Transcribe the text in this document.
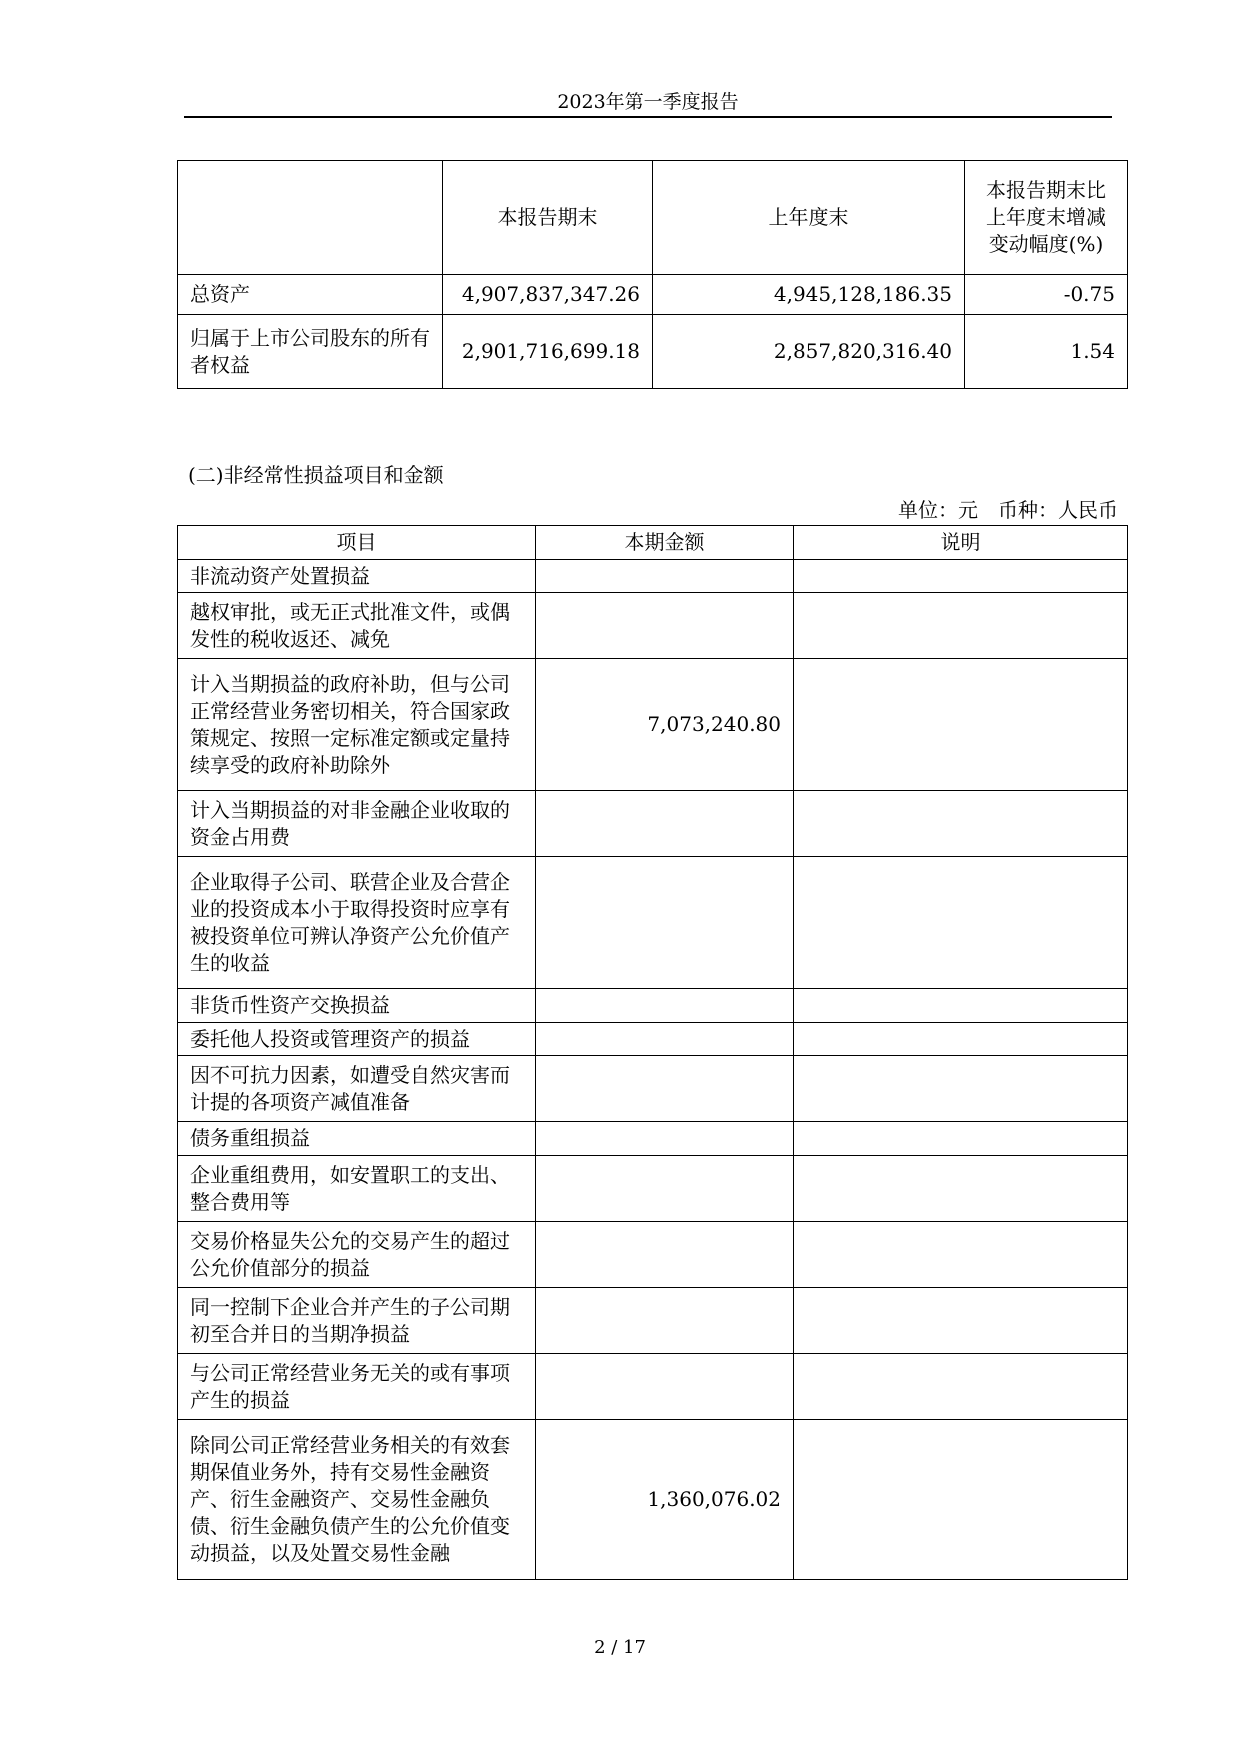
2023年第一季度报告
	本报告期末	上年度末	本报告期末比上年度末增减变动幅度(%)
总资产	4,907,837,347.26	4,945,128,186.35	-0.75
归属于上市公司股东的所有者权益	2,901,716,699.18	2,857,820,316.40	1.54
(二)非经常性损益项目和金额
单位：元　币种：人民币
项目	本期金额	说明
非流动资产处置损益		
越权审批，或无正式批准文件，或偶发性的税收返还、减免		
计入当期损益的政府补助，但与公司正常经营业务密切相关，符合国家政策规定、按照一定标准定额或定量持续享受的政府补助除外	7,073,240.80	
计入当期损益的对非金融企业收取的资金占用费		
企业取得子公司、联营企业及合营企业的投资成本小于取得投资时应享有被投资单位可辨认净资产公允价值产生的收益		
非货币性资产交换损益		
委托他人投资或管理资产的损益		
因不可抗力因素，如遭受自然灾害而计提的各项资产减值准备		
债务重组损益		
企业重组费用，如安置职工的支出、整合费用等		
交易价格显失公允的交易产生的超过公允价值部分的损益		
同一控制下企业合并产生的子公司期初至合并日的当期净损益		
与公司正常经营业务无关的或有事项产生的损益		
除同公司正常经营业务相关的有效套期保值业务外，持有交易性金融资产、衍生金融资产、交易性金融负债、衍生金融负债产生的公允价值变动损益，以及处置交易性金融	1,360,076.02	
2 / 17
